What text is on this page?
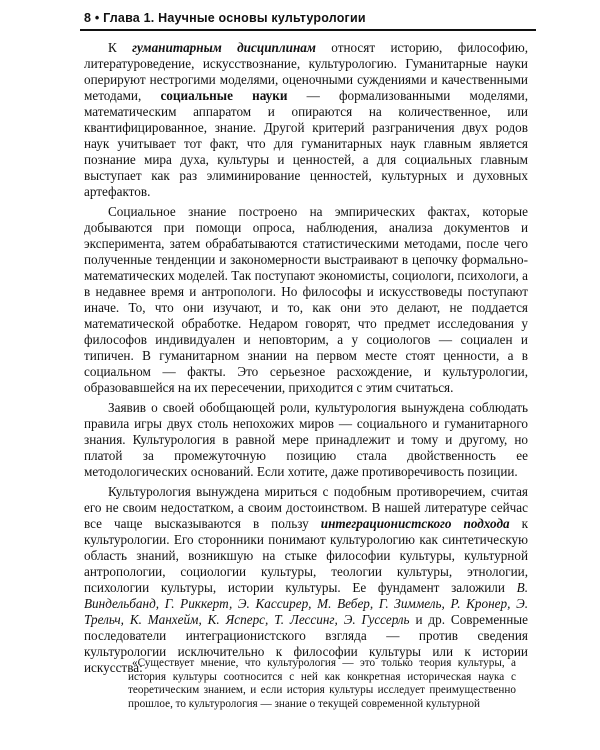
8 • Глава 1. Научные основы культурологии

К гуманитарным дисциплинам относят историю, философию, литературоведение, искусствознание, культурологию. Гуманитарные науки оперируют нестрогими моделями, оценочными суждениями и качественными методами, социальные науки — формализованными моделями, математическим аппаратом и опираются на количественное, или квантифицированное, знание. Другой критерий разграничения двух родов наук учитывает тот факт, что для гуманитарных наук главным является познание мира духа, культуры и ценностей, а для социальных главным выступает как раз элиминирование ценностей, культурных и духовных артефактов.

Социальное знание построено на эмпирических фактах, которые добываются при помощи опроса, наблюдения, анализа документов и эксперимента, затем обрабатываются статистическими методами, после чего полученные тенденции и закономерности выстраивают в цепочку формально-математических моделей. Так поступают экономисты, социологи, психологи, а в недавнее время и антропологи. Но философы и искусствоведы поступают иначе. То, что они изучают, и то, как они это делают, не поддается математической обработке. Недаром говорят, что предмет исследования у философов индивидуален и неповторим, а у социологов — социален и типичен. В гуманитарном знании на первом месте стоят ценности, а в социальном — факты. Это серьезное расхождение, и культурологии, образовавшейся на их пересечении, приходится с этим считаться.

Заявив о своей обобщающей роли, культурология вынуждена соблюдать правила игры двух столь непохожих миров — социального и гуманитарного знания. Культурология в равной мере принадлежит и тому и другому, но платой за промежуточную позицию стала двойственность ее методологических оснований. Если хотите, даже противоречивость позиции.

Культурология вынуждена мириться с подобным противоречием, считая его не своим недостатком, а своим достоинством. В нашей литературе сейчас все чаще высказываются в пользу интеграционистского подхода к культурологии. Его сторонники понимают культурологию как синтетическую область знаний, возникшую на стыке философии культуры, культурной антропологии, социологии культуры, теологии культуры, этнологии, психологии культуры, истории культуры. Ее фундамент заложили В. Виндельбанд, Г. Риккерт, Э. Кассирер, М. Вебер, Г. Зиммель, Р. Кронер, Э. Трельч, К. Манхейм, К. Ясперс, Т. Лессинг, Э. Гуссерль и др. Современные последователи интеграционистского взгляда — против сведения культурологии исключительно к философии культуры или к истории искусства:

«Существует мнение, что культурология — это только теория культуры, а история культуры соотносится с ней как конкретная историческая наука с теоретическим знанием, и если история культуры исследует преимущественно прошлое, то культурология — знание о текущей современной культурной
